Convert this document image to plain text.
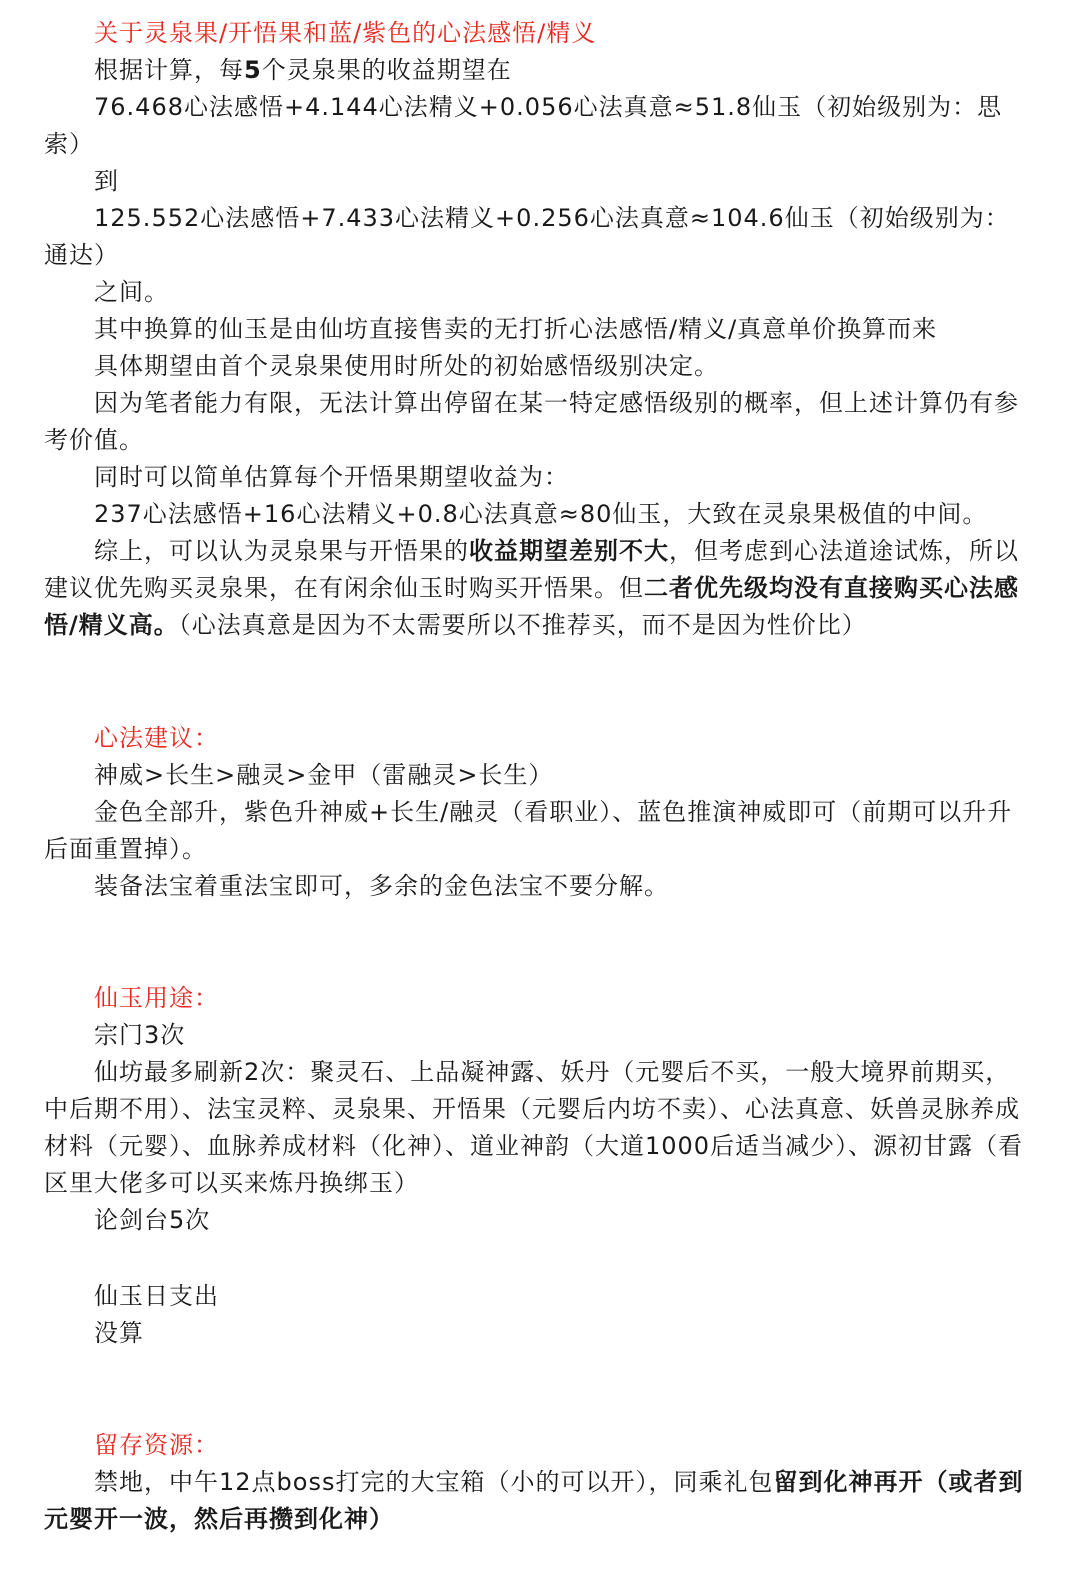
关于灵泉果/开悟果和蓝/紫色的心法感悟/精义
根据计算，每5个灵泉果的收益期望在
76.468心法感悟+4.144心法精义+0.056心法真意≈51.8仙玉（初始级别为：思索）
到
125.552心法感悟+7.433心法精义+0.256心法真意≈104.6仙玉（初始级别为：通达）
之间。
其中换算的仙玉是由仙坊直接售卖的无打折心法感悟/精义/真意单价换算而来
具体期望由首个灵泉果使用时所处的初始感悟级别决定。
因为笔者能力有限，无法计算出停留在某一特定感悟级别的概率，但上述计算仍有参考价值。
同时可以简单估算每个开悟果期望收益为：
237心法感悟+16心法精义+0.8心法真意≈80仙玉，大致在灵泉果极值的中间。
综上，可以认为灵泉果与开悟果的收益期望差别不大，但考虑到心法道途试炼，所以建议优先购买灵泉果，在有闲余仙玉时购买开悟果。但二者优先级均没有直接购买心法感悟/精义高。（心法真意是因为不太需要所以不推荐买，而不是因为性价比）
心法建议：
神威>长生>融灵>金甲（雷融灵>长生）
金色全部升，紫色升神威+长生/融灵（看职业）、蓝色推演神威即可（前期可以升升后面重置掉）。
装备法宝着重法宝即可，多余的金色法宝不要分解。
仙玉用途：
宗门3次
仙坊最多刷新2次：聚灵石、上品凝神露、妖丹（元婴后不买，一般大境界前期买，中后期不用）、法宝灵粹、灵泉果、开悟果（元婴后内坊不卖）、心法真意、妖兽灵脉养成材料（元婴）、血脉养成材料（化神）、道业神韵（大道1000后适当减少）、源初甘露（看区里大佬多可以买来炼丹换绑玉）
论剑台5次
仙玉日支出
没算
留存资源：
禁地，中午12点boss打完的大宝箱（小的可以开），同乘礼包留到化神再开（或者到元婴开一波，然后再攒到化神）
